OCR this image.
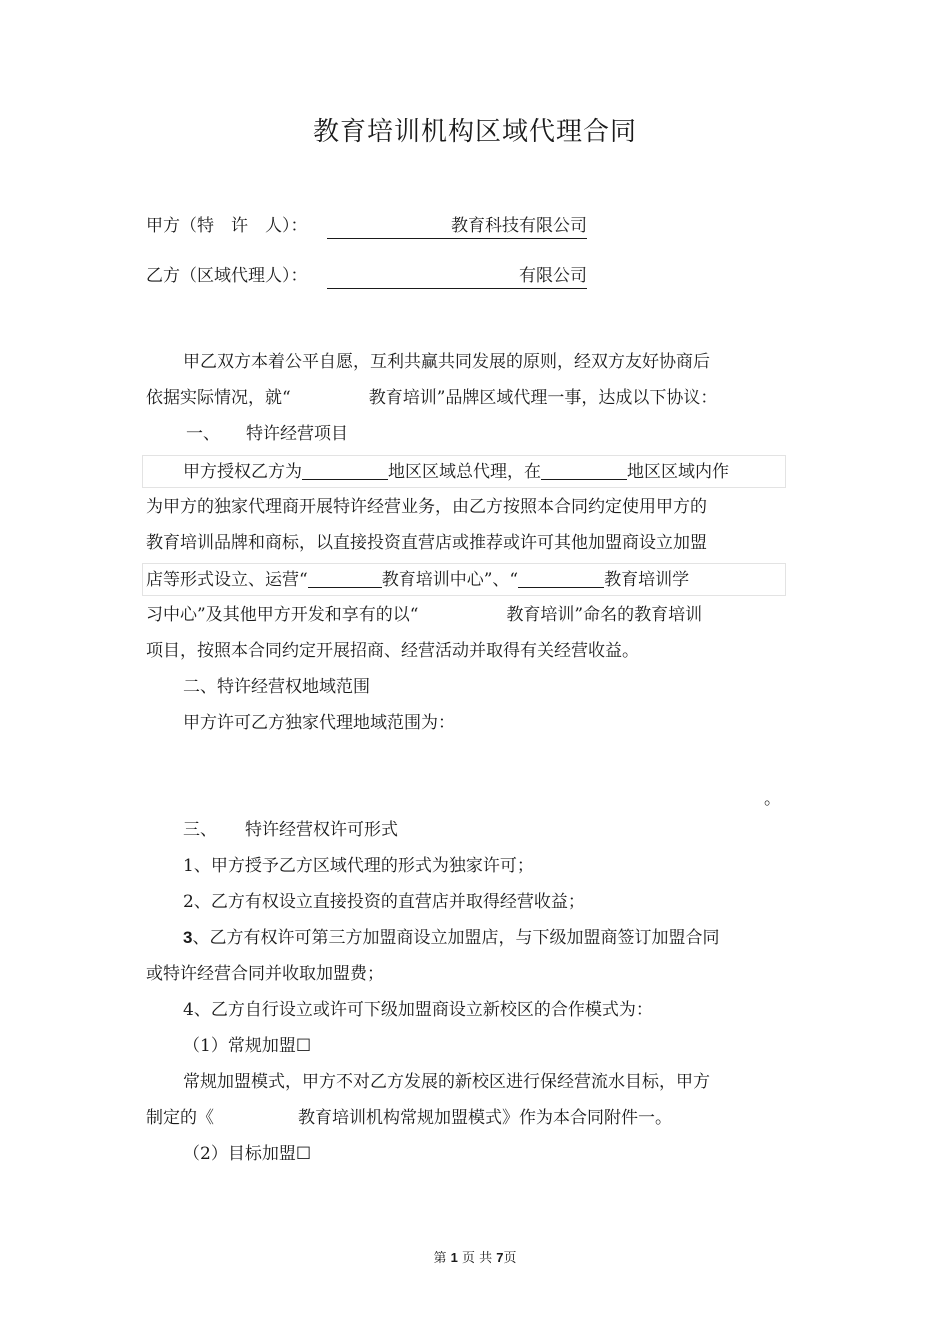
教育培训机构区域代理合同
甲方（特　许　人）：	教育科技有限公司
乙方（区域代理人）：	有限公司
甲乙双方本着公平自愿，互利共赢共同发展的原则，经双方友好协商后
依据实际情况，就“	教育培训”品牌区域代理一事，达成以下协议：
一、 特许经营项目
甲方授权乙方为	地区区域总代理，在	地区区域内作
为甲方的独家代理商开展特许经营业务，由乙方按照本合同约定使用甲方的
教育培训品牌和商标，以直接投资直营店或推荐或许可其他加盟商设立加盟
店等形式设立、运营“	教育培训中心”、“	教育培训学
习中心”及其他甲方开发和享有的以“	教育培训”命名的教育培训
项目，按照本合同约定开展招商、经营活动并取得有关经营收益。
二、特许经营权地域范围
甲方许可乙方独家代理地域范围为：
。
三、 特许经营权许可形式
1、甲方授予乙方区域代理的形式为独家许可；
2、乙方有权设立直接投资的直营店并取得经营收益；
3、乙方有权许可第三方加盟商设立加盟店，与下级加盟商签订加盟合同
或特许经营合同并收取加盟费；
4、乙方自行设立或许可下级加盟商设立新校区的合作模式为：
（1）常规加盟☐
常规加盟模式，甲方不对乙方发展的新校区进行保经营流水目标，甲方
制定的《	教育培训机构常规加盟模式》作为本合同附件一。
（2）目标加盟☐
第 1 页 共 7页
